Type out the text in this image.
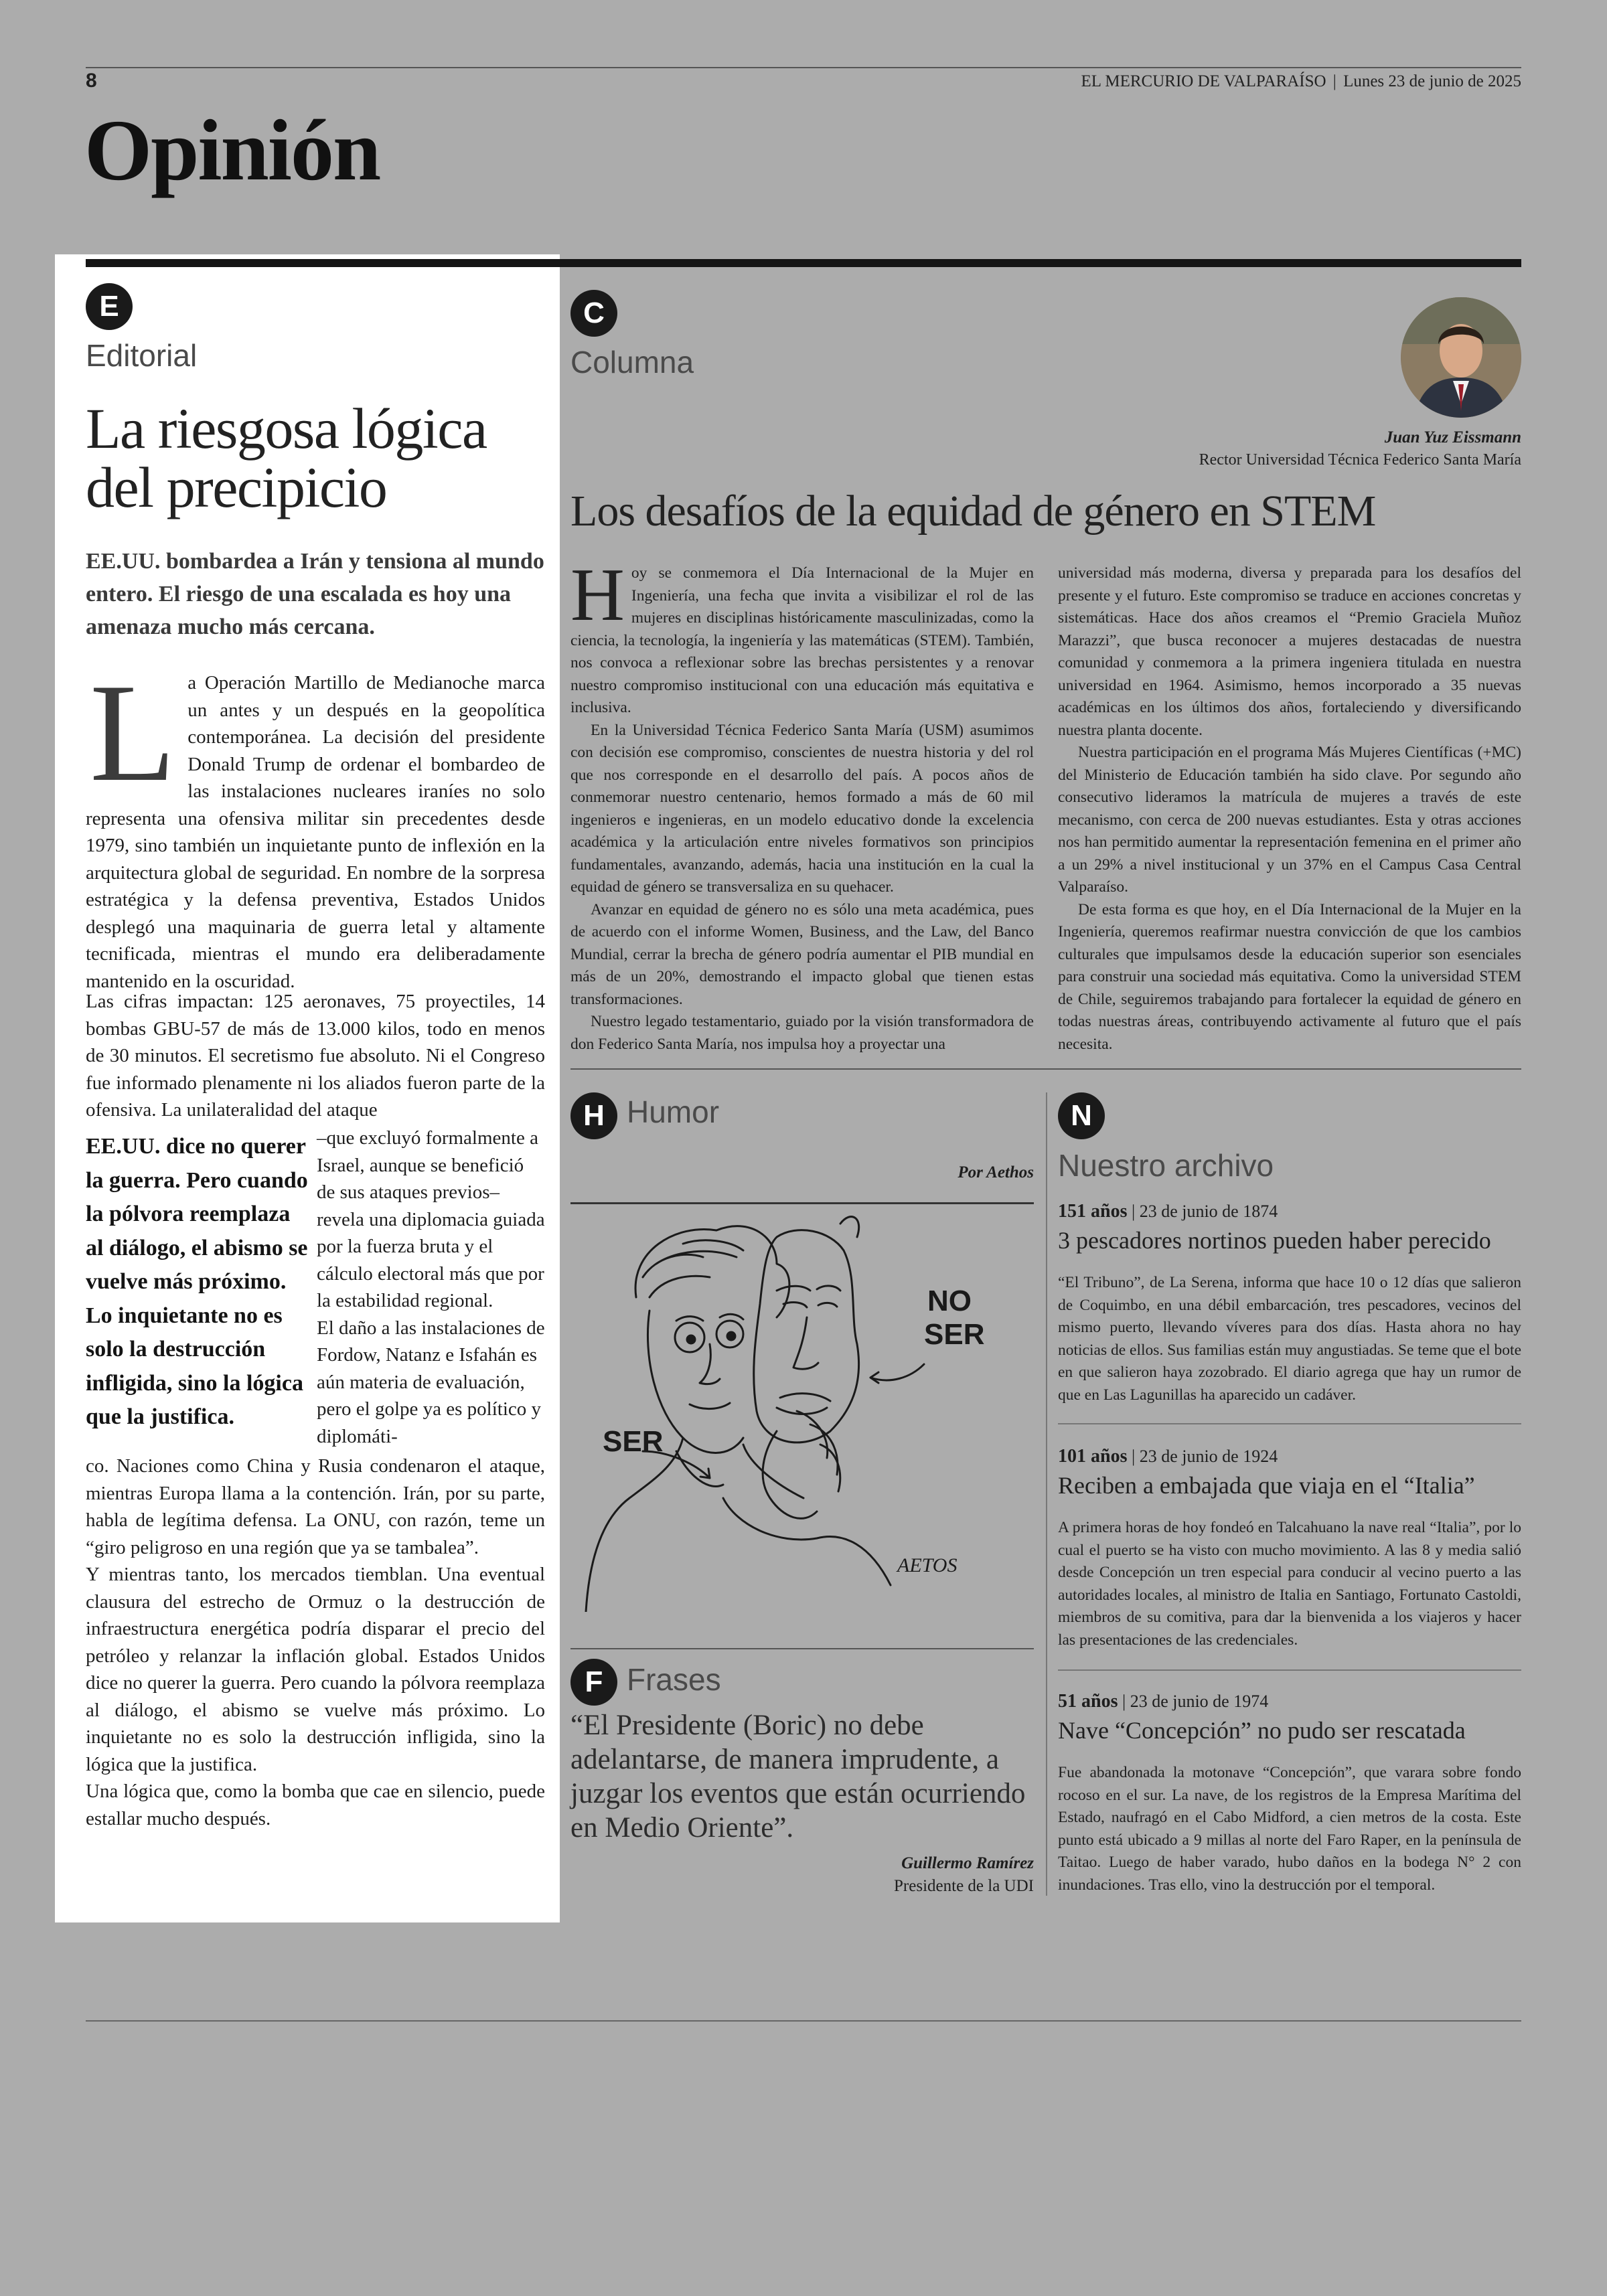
8	EL MERCURIO DE VALPARAÍSO | Lunes 23 de junio de 2025
Opinión
E
Editorial
La riesgosa lógica del precipicio
EE.UU. bombardea a Irán y tensiona al mundo entero. El riesgo de una escalada es hoy una amenaza mucho más cercana.
L a Operación Martillo de Medianoche marca un antes y un después en la geopolítica contemporánea. La decisión del presidente Donald Trump de ordenar el bombardeo de las instalaciones nucleares iraníes no solo representa una ofensiva militar sin precedentes desde 1979, sino también un inquietante punto de inflexión en la arquitectura global de seguridad. En nombre de la sorpresa estratégica y la defensa preventiva, Estados Unidos desplegó una maquinaria de guerra letal y altamente tecnificada, mientras el mundo era deliberadamente mantenido en la oscuridad.

Las cifras impactan: 125 aeronaves, 75 proyectiles, 14 bombas GBU-57 de más de 13.000 kilos, todo en menos de 30 minutos. El secretismo fue absoluto. Ni el Congreso fue informado plenamente ni los aliados fueron parte de la ofensiva. La unilateralidad del ataque

EE.UU. dice no querer la guerra. Pero cuando la pólvora reemplaza al diálogo, el abismo se vuelve más próximo. Lo inquietante no es solo la destrucción infligida, sino la lógica que la justifica.

–que excluyó formalmente a Israel, aunque se benefició de sus ataques previos– revela una diplomacia guiada por la fuerza bruta y el cálculo electoral más que por la estabilidad regional.

El daño a las instalaciones de Fordow, Natanz e Isfahán es aún materia de evaluación, pero el golpe ya es político y diplomáti-

co. Naciones como China y Rusia condenaron el ataque, mientras Europa llama a la contención. Irán, por su parte, habla de legítima defensa. La ONU, con razón, teme un “giro peligroso en una región que ya se tambalea”.

Y mientras tanto, los mercados tiemblan. Una eventual clausura del estrecho de Ormuz o la destrucción de infraestructura energética podría disparar el precio del petróleo y relanzar la inflación global. Estados Unidos dice no querer la guerra. Pero cuando la pólvora reemplaza al diálogo, el abismo se vuelve más próximo. Lo inquietante no es solo la destrucción infligida, sino la lógica que la justifica.

Una lógica que, como la bomba que cae en silencio, puede estallar mucho después.

C
Columna
Juan Yuz Eissmann
Rector Universidad Técnica Federico Santa María
Los desafíos de la equidad de género en STEM

Hoy se conmemora el Día Internacional de la Mujer en Ingeniería, una fecha que invita a visibilizar el rol de las mujeres en disciplinas históricamente masculinizadas, como la ciencia, la tecnología, la ingeniería y las matemáticas (STEM). También, nos convoca a reflexionar sobre las brechas persistentes y a renovar nuestro compromiso institucional con una educación más equitativa e inclusiva.

En la Universidad Técnica Federico Santa María (USM) asumimos con decisión ese compromiso, conscientes de nuestra historia y del rol que nos corresponde en el desarrollo del país. A pocos años de conmemorar nuestro centenario, hemos formado a más de 60 mil ingenieros e ingenieras, en un modelo educativo donde la excelencia académica y la articulación entre niveles formativos son principios fundamentales, avanzando, además, hacia una institución en la cual la equidad de género se transversaliza en su quehacer.

Avanzar en equidad de género no es sólo una meta académica, pues de acuerdo con el informe Women, Business, and the Law, del Banco Mundial, cerrar la brecha de género podría aumentar el PIB mundial en más de un 20%, demostrando el impacto global que tienen estas transformaciones.

Nuestro legado testamentario, guiado por la visión transformadora de don Federico Santa María, nos impulsa hoy a proyectar una

universidad más moderna, diversa y preparada para los desafíos del presente y el futuro. Este compromiso se traduce en acciones concretas y sistemáticas. Hace dos años creamos el “Premio Graciela Muñoz Marazzi”, que busca reconocer a mujeres destacadas de nuestra comunidad y conmemora a la primera ingeniera titulada en nuestra universidad en 1964. Asimismo, hemos incorporado a 35 nuevas académicas en los últimos dos años, fortaleciendo y diversificando nuestra planta docente.

Nuestra participación en el programa Más Mujeres Científicas (+MC) del Ministerio de Educación también ha sido clave. Por segundo año consecutivo lideramos la matrícula de mujeres a través de este mecanismo, con cerca de 200 nuevas estudiantes. Esta y otras acciones nos han permitido aumentar la representación femenina en el primer año a un 29% a nivel institucional y un 37% en el Campus Casa Central Valparaíso.

De esta forma es que hoy, en el Día Internacional de la Mujer en la Ingeniería, queremos reafirmar nuestra convicción de que los cambios culturales que impulsamos desde la educación superior son esenciales para construir una sociedad más equitativa. Como la universidad STEM de Chile, seguiremos trabajando para fortalecer la equidad de género en todas nuestras áreas, contribuyendo activamente al futuro que el país necesita.

H Humor
Por Aethos
SER
NO
SER
AETOS
F Frases
“El Presidente (Boric) no debe adelantarse, de manera imprudente, a juzgar los eventos que están ocurriendo en Medio Oriente”.
Guillermo Ramírez
Presidente de la UDI
N
Nuestro archivo
151 años | 23 de junio de 1874
3 pescadores nortinos pueden haber perecido
“El Tribuno”, de La Serena, informa que hace 10 o 12 días que salieron de Coquimbo, en una débil embarcación, tres pescadores, vecinos del mismo puerto, llevando víveres para dos días. Hasta ahora no hay noticias de ellos. Sus familias están muy angustiadas. Se teme que el bote en que salieron haya zozobrado. El diario agrega que hay un rumor de que en Las Lagunillas ha aparecido un cadáver.
101 años | 23 de junio de 1924
Reciben a embajada que viaja en el “Italia”
A primera horas de hoy fondeó en Talcahuano la nave real “Italia”, por lo cual el puerto se ha visto con mucho movimiento. A las 8 y media salió desde Concepción un tren especial para conducir al vecino puerto a las autoridades locales, al ministro de Italia en Santiago, Fortunato Castoldi, miembros de su comitiva, para dar la bienvenida a los viajeros y hacer las presentaciones de las credenciales.
51 años | 23 de junio de 1974
Nave “Concepción” no pudo ser rescatada
Fue abandonada la motonave “Concepción”, que varara sobre fondo rocoso en el sur. La nave, de los registros de la Empresa Marítima del Estado, naufragó en el Cabo Midford, a cien metros de la costa. Este punto está ubicado a 9 millas al norte del Faro Raper, en la península de Taitao. Luego de haber varado, hubo daños en la bodega N° 2 con inundaciones. Tras ello, vino la destrucción por el temporal.
